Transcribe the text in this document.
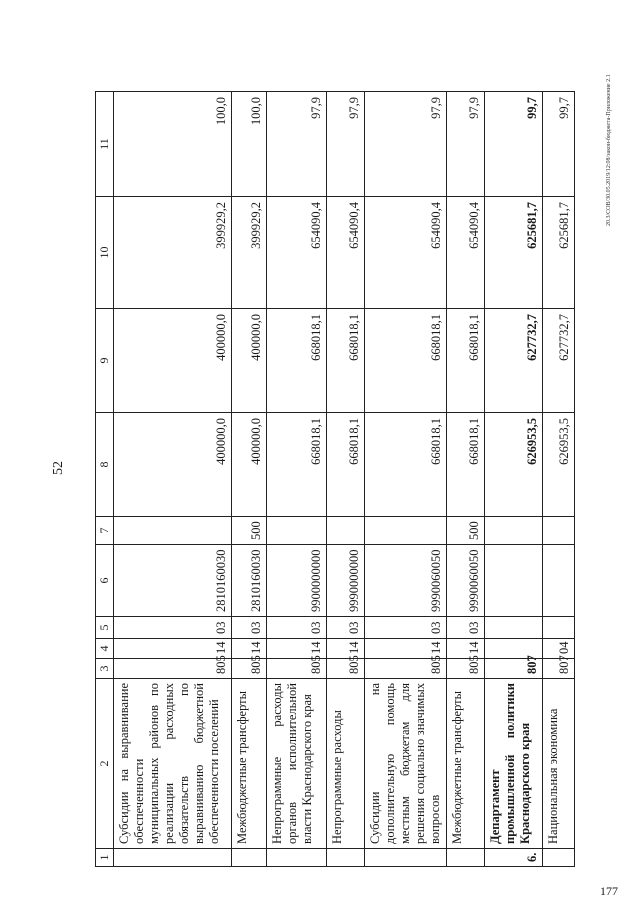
52
20.3/СОВ/30.05.2019/12:08/закон-бюджета-Приложение 2.1
177
1	2	3	4	5	6	7	8	9	10	11
	Субсидии на выравнивание обеспеченности муниципальных районов по реализации расходных обязательств по выравниванию бюджетной обеспеченности поселений	805	14	03	2810160030		400000,0	400000,0	399929,2	100,0
	Межбюджетные трансферты	805	14	03	2810160030	500	400000,0	400000,0	399929,2	100,0
	Непрограммные расходы органов исполнительной власти Краснодарского края	805	14	03	9900000000		668018,1	668018,1	654090,4	97,9
	Непрограммные расходы	805	14	03	9990000000		668018,1	668018,1	654090,4	97,9
	Субсидии на дополнительную помощь местным бюджетам для решения социально значимых вопросов	805	14	03	9990060050		668018,1	668018,1	654090,4	97,9
	Межбюджетные трансферты	805	14	03	9990060050	500	668018,1	668018,1	654090,4	97,9
6.	Департамент промышленной политики Краснодарского края	807					626953,5	627732,7	625681,7	99,7
	Национальная экономика	807	04				626953,5	627732,7	625681,7	99,7
